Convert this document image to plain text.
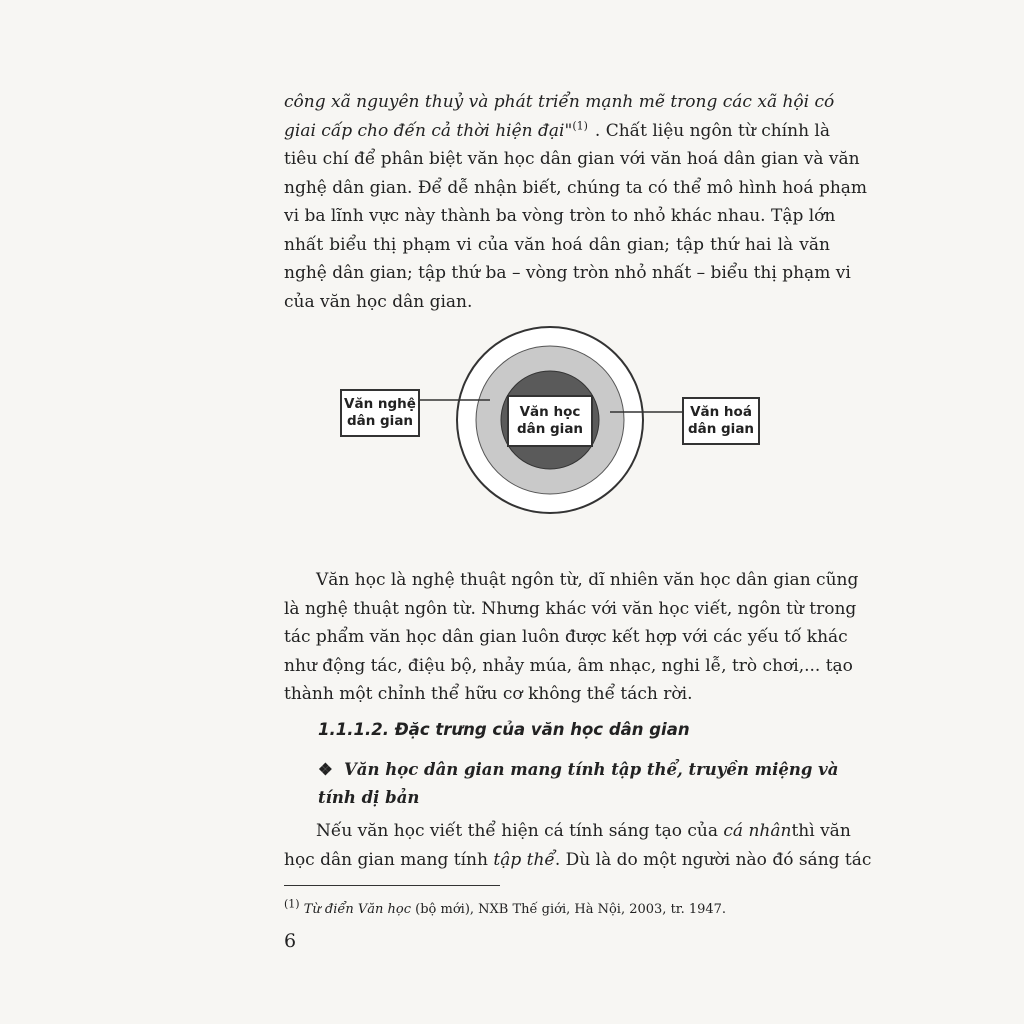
công xã nguyên thuỷ và phát triển mạnh mẽ trong các xã hội có
giai cấp cho đến cả thời hiện đại"$^{(1)}$ . Chất liệu ngôn từ chính là
tiêu chí để phân biệt văn học dân gian với văn hoá dân gian và văn
nghệ dân gian. Để dễ nhận biết, chúng ta có thể mô hình hoá phạm
vi ba lĩnh vực này thành ba vòng tròn to nhỏ khác nhau. Tập lớn
nhất biểu thị phạm vi của văn hoá dân gian; tập thứ hai là văn
nghệ dân gian; tập thứ ba – vòng tròn nhỏ nhất – biểu thị phạm vi
của văn học dân gian.
Văn nghệ
dân gian
Văn học
dân gian
Văn hoá
dân gian
Văn học là nghệ thuật ngôn từ, dĩ nhiên văn học dân gian cũng
là nghệ thuật ngôn từ. Nhưng khác với văn học viết, ngôn từ trong
tác phẩm văn học dân gian luôn được kết hợp với các yếu tố khác
như động tác, điệu bộ, nhảy múa, âm nhạc, nghi lễ, trò chơi,... tạo
thành một chỉnh thể hữu cơ không thể tách rời.
1.1.1.2. Đặc trưng của văn học dân gian
❖ Văn học dân gian mang tính tập thể, truyền miệng và
tính dị bản
Nếu văn học viết thể hiện cá tính sáng tạo của cá nhân thì văn
học dân gian mang tính tập thể . Dù là do một người nào đó sáng tác
$^{(1)}$ Từ điển Văn học (bộ mới), NXB Thế giới, Hà Nội, 2003, tr. 1947.
6
